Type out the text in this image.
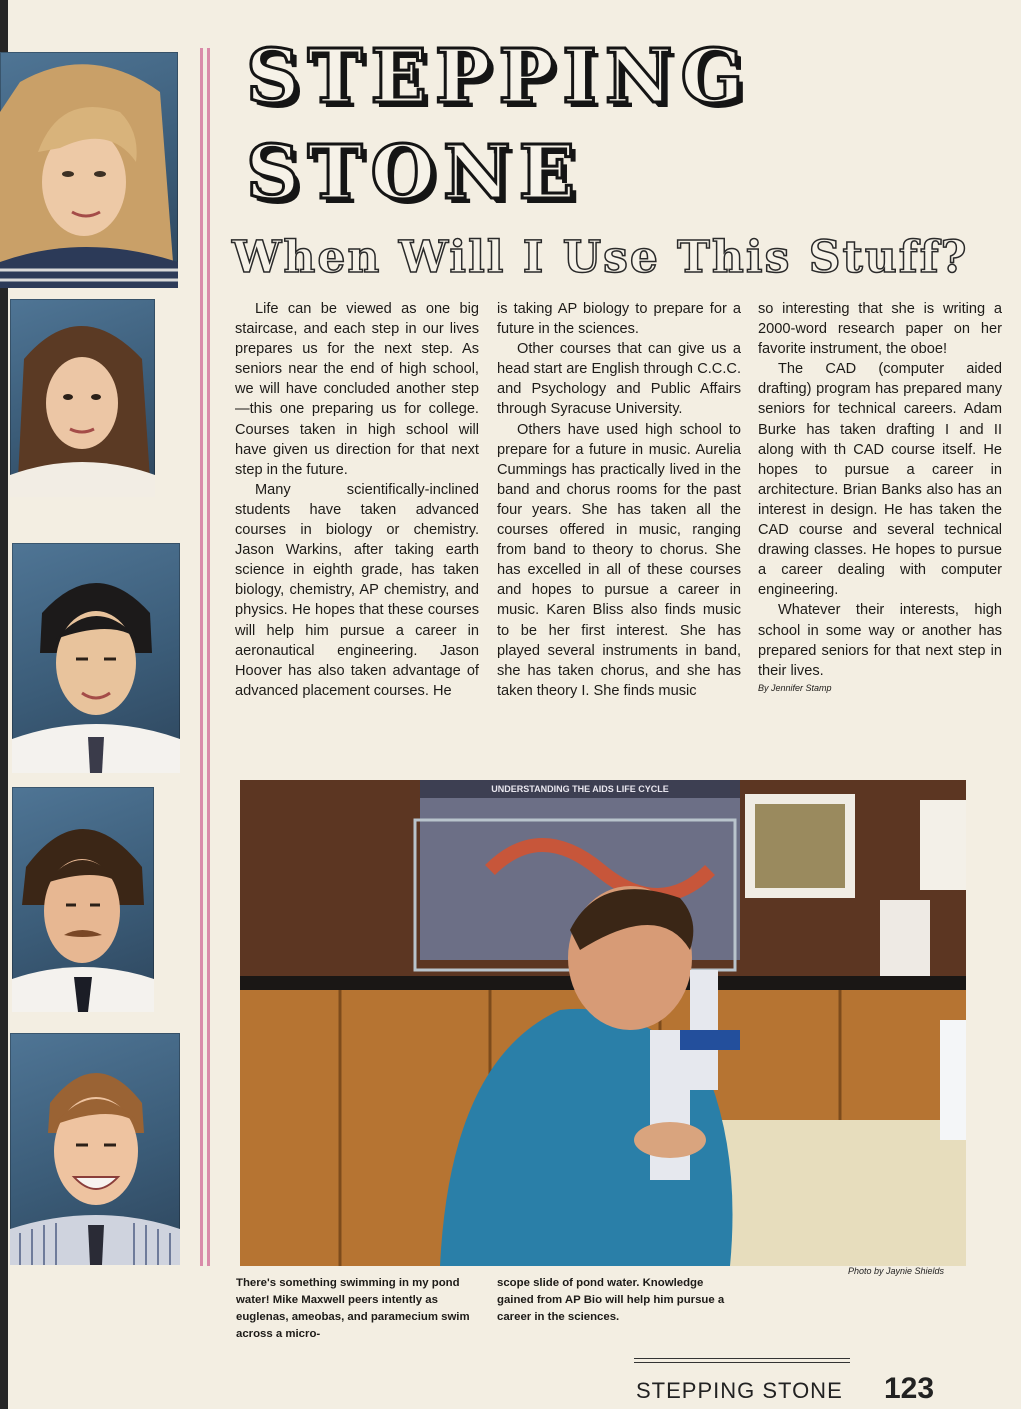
STEPPING
STONE
When Will I Use This Stuff?

Life can be viewed as one big staircase, and each step in our lives prepares us for the next step. As seniors near the end of high school, we will have concluded another step—this one preparing us for college. Courses taken in high school will have given us direction for that next step in the future.

Many scientifically-inclined students have taken advanced courses in biology or chemistry. Jason Warkins, after taking earth science in eighth grade, has taken biology, chemistry, AP chemistry, and physics. He hopes that these courses will help him pursue a career in aeronautical engineering. Jason Hoover has also taken advantage of advanced placement courses. He

is taking AP biology to prepare for a future in the sciences.

Other courses that can give us a head start are English through C.C.C. and Psychology and Public Affairs through Syracuse University.

Others have used high school to prepare for a future in music. Aurelia Cummings has practically lived in the band and chorus rooms for the past four years. She has taken all the courses offered in music, ranging from band to theory to chorus. She has excelled in all of these courses and hopes to pursue a career in music. Karen Bliss also finds music to be her first interest. She has played several instruments in band, she has taken chorus, and she has taken theory I. She finds music

so interesting that she is writing a 2000-word research paper on her favorite instrument, the oboe!

The CAD (computer aided drafting) program has prepared many seniors for technical careers. Adam Burke has taken drafting I and II along with th CAD course itself. He hopes to pursue a career in architecture. Brian Banks also has an interest in design. He has taken the CAD course and several technical drawing classes. He hopes to pursue a career dealing with computer engineering.

Whatever their interests, high school in some way or another has prepared seniors for that next step in their lives.

By Jennifer Stamp

UNDERSTANDING THE AIDS LIFE CYCLE
Photo by Jaynie Shields

There's something swimming in my pond water! Mike Maxwell peers intently as euglenas, ameobas, and paramecium swim across a micro-

scope slide of pond water. Knowledge gained from AP Bio will help him pursue a career in the sciences.

STEPPING STONE 123
